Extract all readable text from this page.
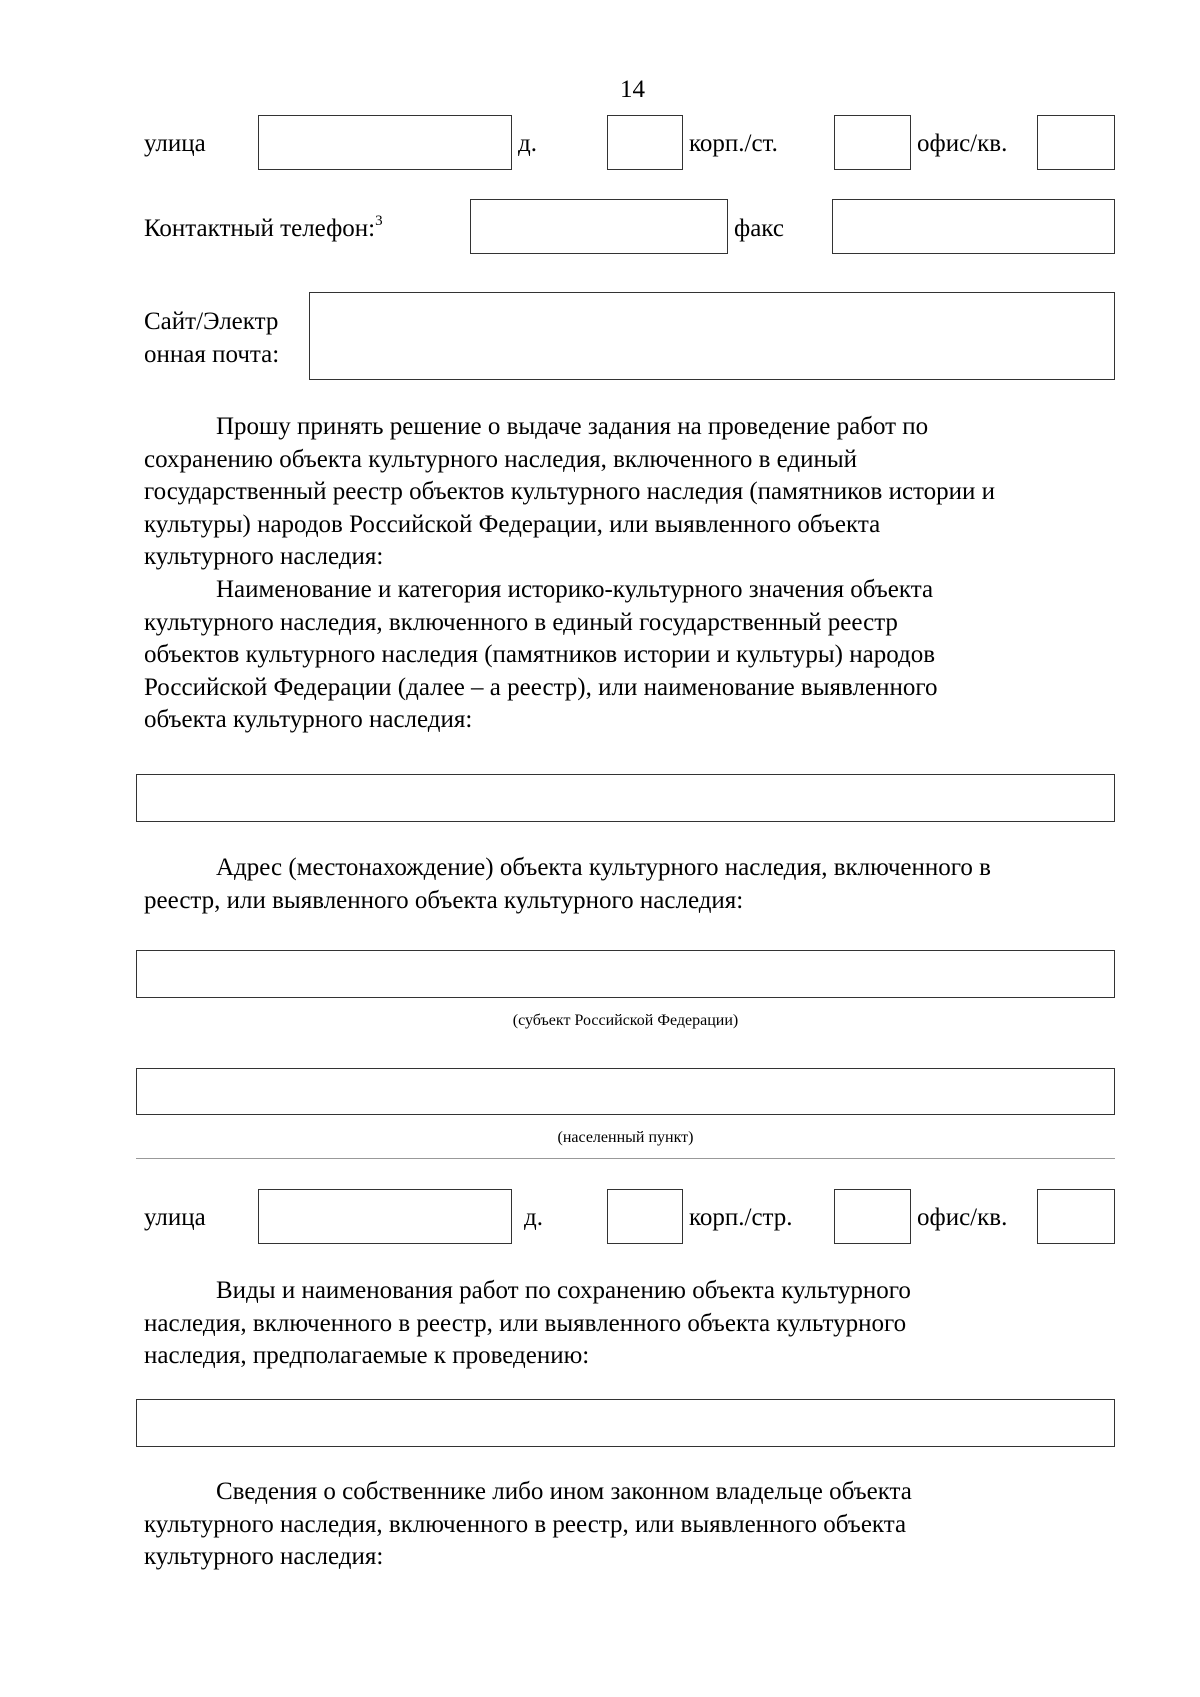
14
улица	д.	корп./ст.	офис/кв.
Контактный телефон:$^3$	факс
Сайт/Электр
онная почта:
Прошу принять решение о выдаче задания на проведение работ по
сохранению объекта культурного наследия, включенного в единый
государственный реестр объектов культурного наследия (памятников истории и
культуры) народов Российской Федерации, или выявленного объекта
культурного наследия:
Наименование и категория историко-культурного значения объекта
культурного наследия, включенного в единый государственный реестр
объектов культурного наследия (памятников истории и культуры) народов
Российской Федерации (далее – а реестр), или наименование выявленного
объекта культурного наследия:
Адрес (местонахождение) объекта культурного наследия, включенного в
реестр, или выявленного объекта культурного наследия:
(субъект Российской Федерации)
(населенный пункт)
улица	д.	корп./стр.	офис/кв.
Виды и наименования работ по сохранению объекта культурного
наследия, включенного в реестр, или выявленного объекта культурного
наследия, предполагаемые к проведению:
Сведения о собственнике либо ином законном владельце объекта
культурного наследия, включенного в реестр, или выявленного объекта
культурного наследия:
